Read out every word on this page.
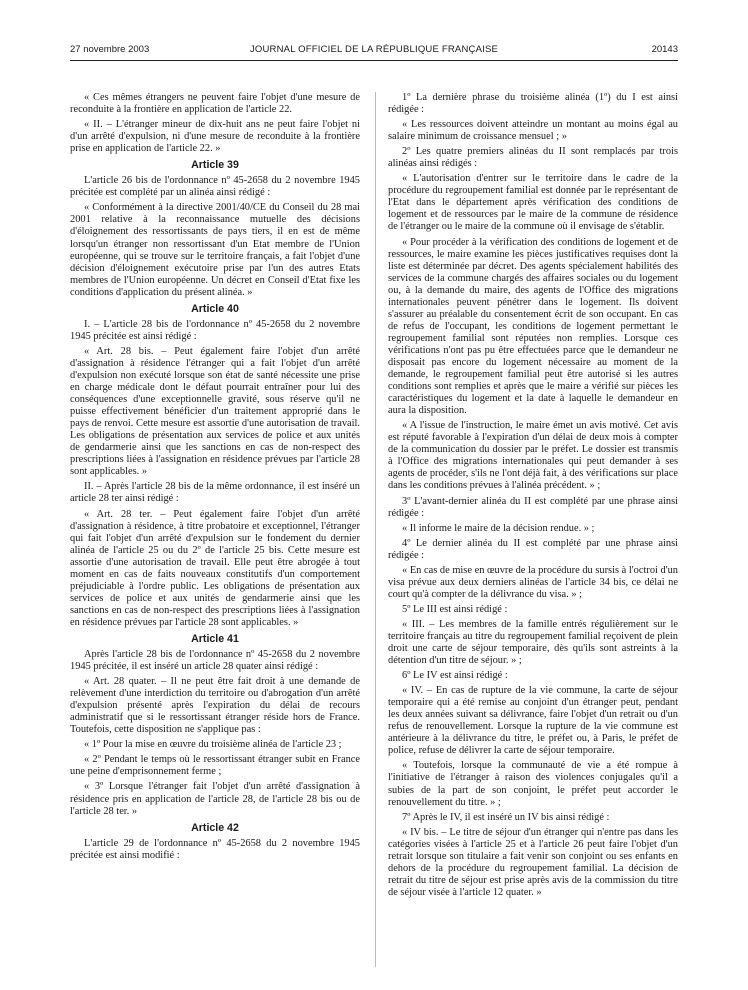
27 novembre 2003	JOURNAL OFFICIEL DE LA RÉPUBLIQUE FRANÇAISE	20143

« Ces mêmes étrangers ne peuvent faire l'objet d'une mesure de reconduite à la frontière en application de l'article 22.

« II. – L'étranger mineur de dix-huit ans ne peut faire l'objet ni d'un arrêté d'expulsion, ni d'une mesure de reconduite à la frontière prise en application de l'article 22. »

Article 39

L'article 26 bis de l'ordonnance nº 45-2658 du 2 novembre 1945 précitée est complété par un alinéa ainsi rédigé :

« Conformément à la directive 2001/40/CE du Conseil du 28 mai 2001 relative à la reconnaissance mutuelle des décisions d'éloignement des ressortissants de pays tiers, il en est de même lorsqu'un étranger non ressortissant d'un Etat membre de l'Union européenne, qui se trouve sur le territoire français, a fait l'objet d'une décision d'éloignement exécutoire prise par l'un des autres Etats membres de l'Union européenne. Un décret en Conseil d'Etat fixe les conditions d'application du présent alinéa. »

Article 40

I. – L'article 28 bis de l'ordonnance nº 45-2658 du 2 novembre 1945 précitée est ainsi rédigé :

« Art. 28 bis. – Peut également faire l'objet d'un arrêté d'assignation à résidence l'étranger qui a fait l'objet d'un arrêté d'expulsion non exécuté lorsque son état de santé nécessite une prise en charge médicale dont le défaut pourrait entraîner pour lui des conséquences d'une exceptionnelle gravité, sous réserve qu'il ne puisse effectivement bénéficier d'un traitement approprié dans le pays de renvoi. Cette mesure est assortie d'une autorisation de travail. Les obligations de présentation aux services de police et aux unités de gendarmerie ainsi que les sanctions en cas de non-respect des prescriptions liées à l'assignation en résidence prévues par l'article 28 sont applicables. »

II. – Après l'article 28 bis de la même ordonnance, il est inséré un article 28 ter ainsi rédigé :

« Art. 28 ter. – Peut également faire l'objet d'un arrêté d'assignation à résidence, à titre probatoire et exceptionnel, l'étranger qui fait l'objet d'un arrêté d'expulsion sur le fondement du dernier alinéa de l'article 25 ou du 2º de l'article 25 bis. Cette mesure est assortie d'une autorisation de travail. Elle peut être abrogée à tout moment en cas de faits nouveaux constitutifs d'un comportement préjudiciable à l'ordre public. Les obligations de présentation aux services de police et aux unités de gendarmerie ainsi que les sanctions en cas de non-respect des prescriptions liées à l'assignation en résidence prévues par l'article 28 sont applicables. »

Article 41

Après l'article 28 bis de l'ordonnance nº 45-2658 du 2 novembre 1945 précitée, il est inséré un article 28 quater ainsi rédigé :

« Art. 28 quater. – Il ne peut être fait droit à une demande de relèvement d'une interdiction du territoire ou d'abrogation d'un arrêté d'expulsion présenté après l'expiration du délai de recours administratif que si le ressortissant étranger réside hors de France. Toutefois, cette disposition ne s'applique pas :

« 1º Pour la mise en œuvre du troisième alinéa de l'article 23 ;

« 2º Pendant le temps où le ressortissant étranger subit en France une peine d'emprisonnement ferme ;

« 3º Lorsque l'étranger fait l'objet d'un arrêté d'assignation à résidence pris en application de l'article 28, de l'article 28 bis ou de l'article 28 ter. »

Article 42

L'article 29 de l'ordonnance nº 45-2658 du 2 novembre 1945 précitée est ainsi modifié :

1º La dernière phrase du troisième alinéa (1º) du I est ainsi rédigée :

« Les ressources doivent atteindre un montant au moins égal au salaire minimum de croissance mensuel ; »

2º Les quatre premiers alinéas du II sont remplacés par trois alinéas ainsi rédigés :

« L'autorisation d'entrer sur le territoire dans le cadre de la procédure du regroupement familial est donnée par le représentant de l'Etat dans le département après vérification des conditions de logement et de ressources par le maire de la commune de résidence de l'étranger ou le maire de la commune où il envisage de s'établir.

« Pour procéder à la vérification des conditions de logement et de ressources, le maire examine les pièces justificatives requises dont la liste est déterminée par décret. Des agents spécialement habilités des services de la commune chargés des affaires sociales ou du logement ou, à la demande du maire, des agents de l'Office des migrations internationales peuvent pénétrer dans le logement. Ils doivent s'assurer au préalable du consentement écrit de son occupant. En cas de refus de l'occupant, les conditions de logement permettant le regroupement familial sont réputées non remplies. Lorsque ces vérifications n'ont pas pu être effectuées parce que le demandeur ne disposait pas encore du logement nécessaire au moment de la demande, le regroupement familial peut être autorisé si les autres conditions sont remplies et après que le maire a vérifié sur pièces les caractéristiques du logement et la date à laquelle le demandeur en aura la disposition.

« A l'issue de l'instruction, le maire émet un avis motivé. Cet avis est réputé favorable à l'expiration d'un délai de deux mois à compter de la communication du dossier par le préfet. Le dossier est transmis à l'Office des migrations internationales qui peut demander à ses agents de procéder, s'ils ne l'ont déjà fait, à des vérifications sur place dans les conditions prévues à l'alinéa précédent. » ;

3º L'avant-dernier alinéa du II est complété par une phrase ainsi rédigée :

« Il informe le maire de la décision rendue. » ;

4º Le dernier alinéa du II est complété par une phrase ainsi rédigée :

« En cas de mise en œuvre de la procédure du sursis à l'octroi d'un visa prévue aux deux derniers alinéas de l'article 34 bis, ce délai ne court qu'à compter de la délivrance du visa. » ;

5º Le III est ainsi rédigé :

« III. – Les membres de la famille entrés régulièrement sur le territoire français au titre du regroupement familial reçoivent de plein droit une carte de séjour temporaire, dès qu'ils sont astreints à la détention d'un titre de séjour. » ;

6º Le IV est ainsi rédigé :

« IV. – En cas de rupture de la vie commune, la carte de séjour temporaire qui a été remise au conjoint d'un étranger peut, pendant les deux années suivant sa délivrance, faire l'objet d'un retrait ou d'un refus de renouvellement. Lorsque la rupture de la vie commune est antérieure à la délivrance du titre, le préfet ou, à Paris, le préfet de police, refuse de délivrer la carte de séjour temporaire.

« Toutefois, lorsque la communauté de vie a été rompue à l'initiative de l'étranger à raison des violences conjugales qu'il a subies de la part de son conjoint, le préfet peut accorder le renouvellement du titre. » ;

7º Après le IV, il est inséré un IV bis ainsi rédigé :

« IV bis. – Le titre de séjour d'un étranger qui n'entre pas dans les catégories visées à l'article 25 et à l'article 26 peut faire l'objet d'un retrait lorsque son titulaire a fait venir son conjoint ou ses enfants en dehors de la procédure du regroupement familial. La décision de retrait du titre de séjour est prise après avis de la commission du titre de séjour visée à l'article 12 quater. »
